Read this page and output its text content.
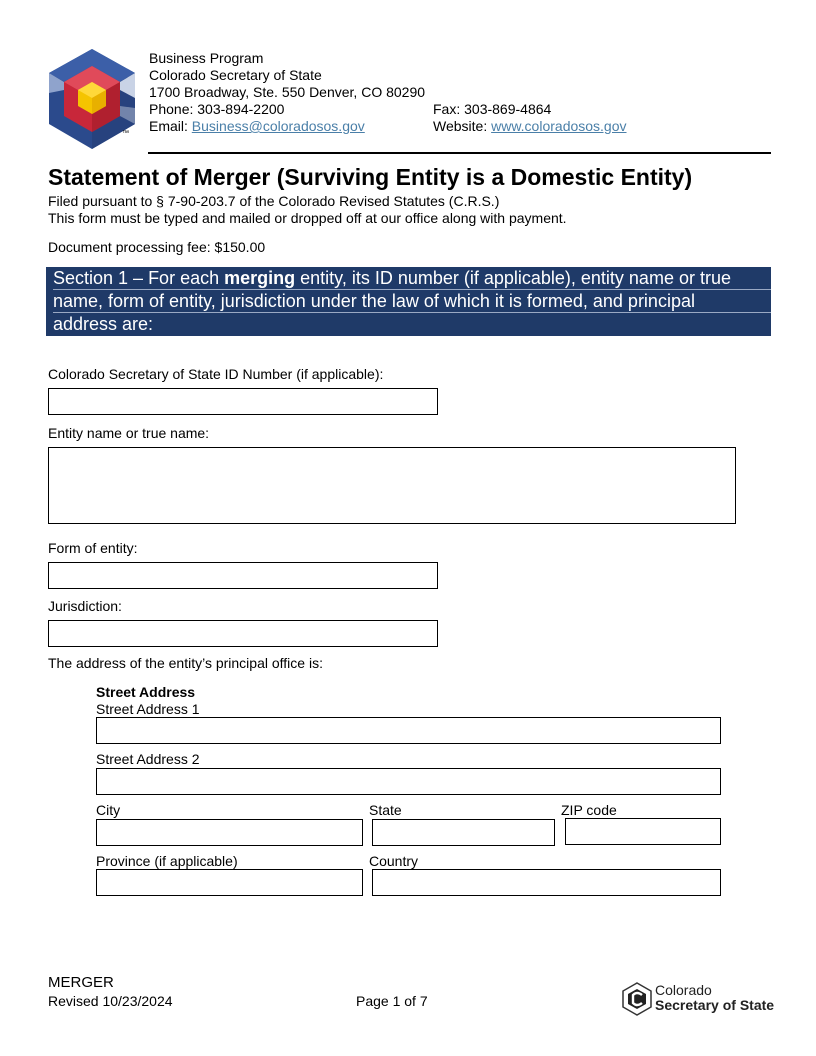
™
Business Program
Colorado Secretary of State
1700 Broadway, Ste. 550 Denver, CO 80290
Phone: 303-894-2200	Fax: 303-869-4864
Email: Business@coloradosos.gov	Website: www.coloradosos.gov
Statement of Merger (Surviving Entity is a Domestic Entity)
Filed pursuant to § 7-90-203.7 of the Colorado Revised Statutes (C.R.S.)
This form must be typed and mailed or dropped off at our office along with payment.
Document processing fee: $150.00
Section 1 – For each merging entity, its ID number (if applicable), entity name or true
name, form of entity, jurisdiction under the law of which it is formed, and principal
address are:
Colorado Secretary of State ID Number (if applicable):
Entity name or true name:
Form of entity:
Jurisdiction:
The address of the entity’s principal office is:
Street Address
Street Address 1
Street Address 2
City	State	ZIP code
Province (if applicable)	Country
MERGER
Revised 10/23/2024	Page 1 of 7
Colorado
Secretary of State
